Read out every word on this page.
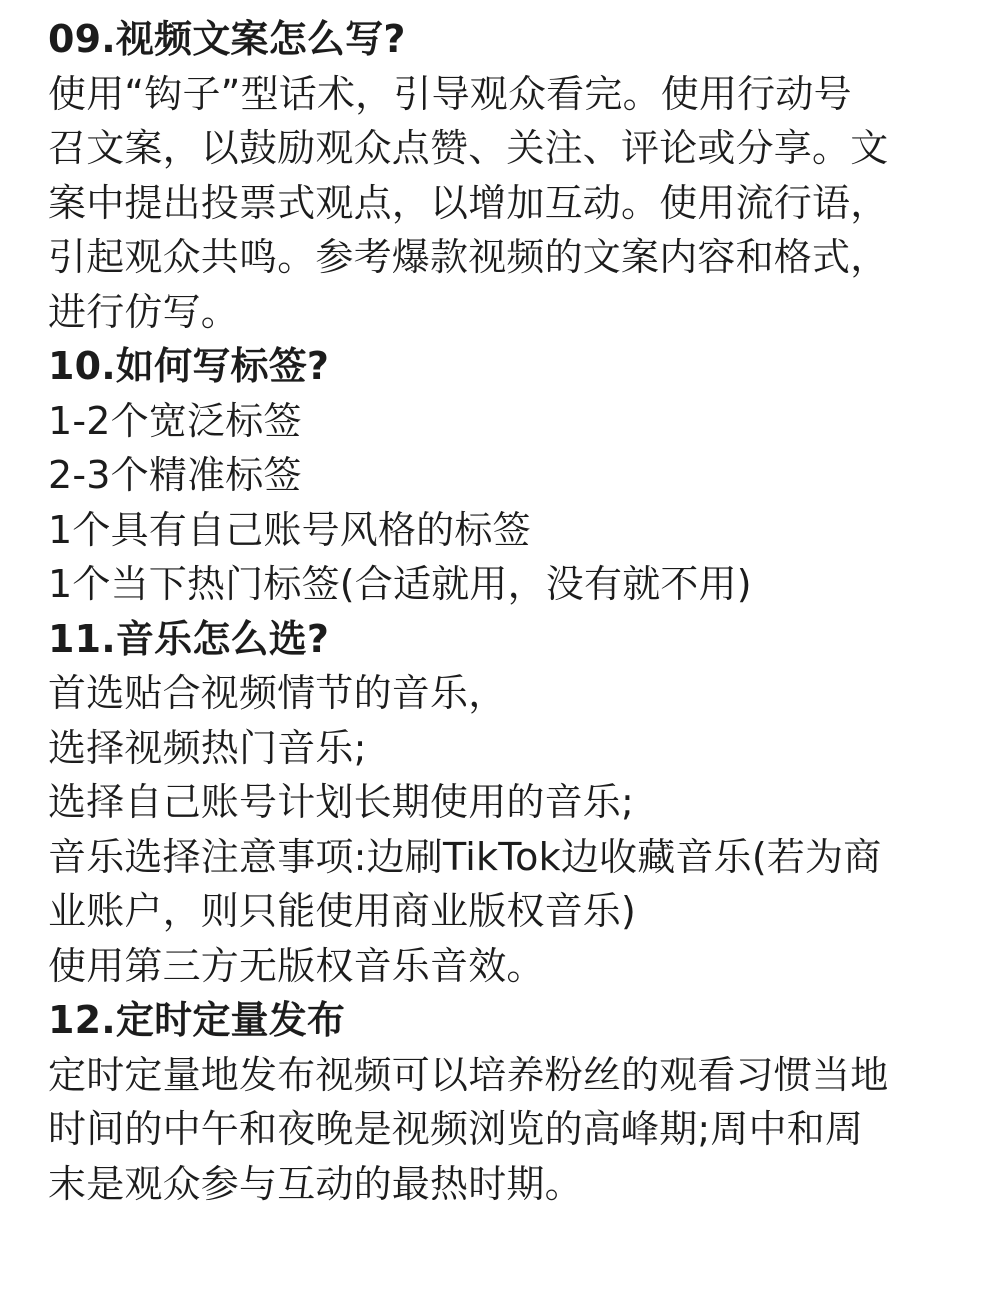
09.视频文案怎么写?
使用“钩子”型话术，引导观众看完。使用行动号
召文案，以鼓励观众点赞、关注、评论或分享。文
案中提出投票式观点，以增加互动。使用流行语，
引起观众共鸣。参考爆款视频的文案内容和格式，
进行仿写。
10.如何写标签?
1-2个宽泛标签
2-3个精准标签
1个具有自己账号风格的标签
1个当下热门标签(合适就用，没有就不用)
11.音乐怎么选?
首选贴合视频情节的音乐，
选择视频热门音乐;
选择自己账号计划长期使用的音乐;
音乐选择注意事项:边刷TikTok边收藏音乐(若为商
业账户，则只能使用商业版权音乐)
使用第三方无版权音乐音效。
12.定时定量发布
定时定量地发布视频可以培养粉丝的观看习惯当地
时间的中午和夜晚是视频浏览的高峰期;周中和周
末是观众参与互动的最热时期。
